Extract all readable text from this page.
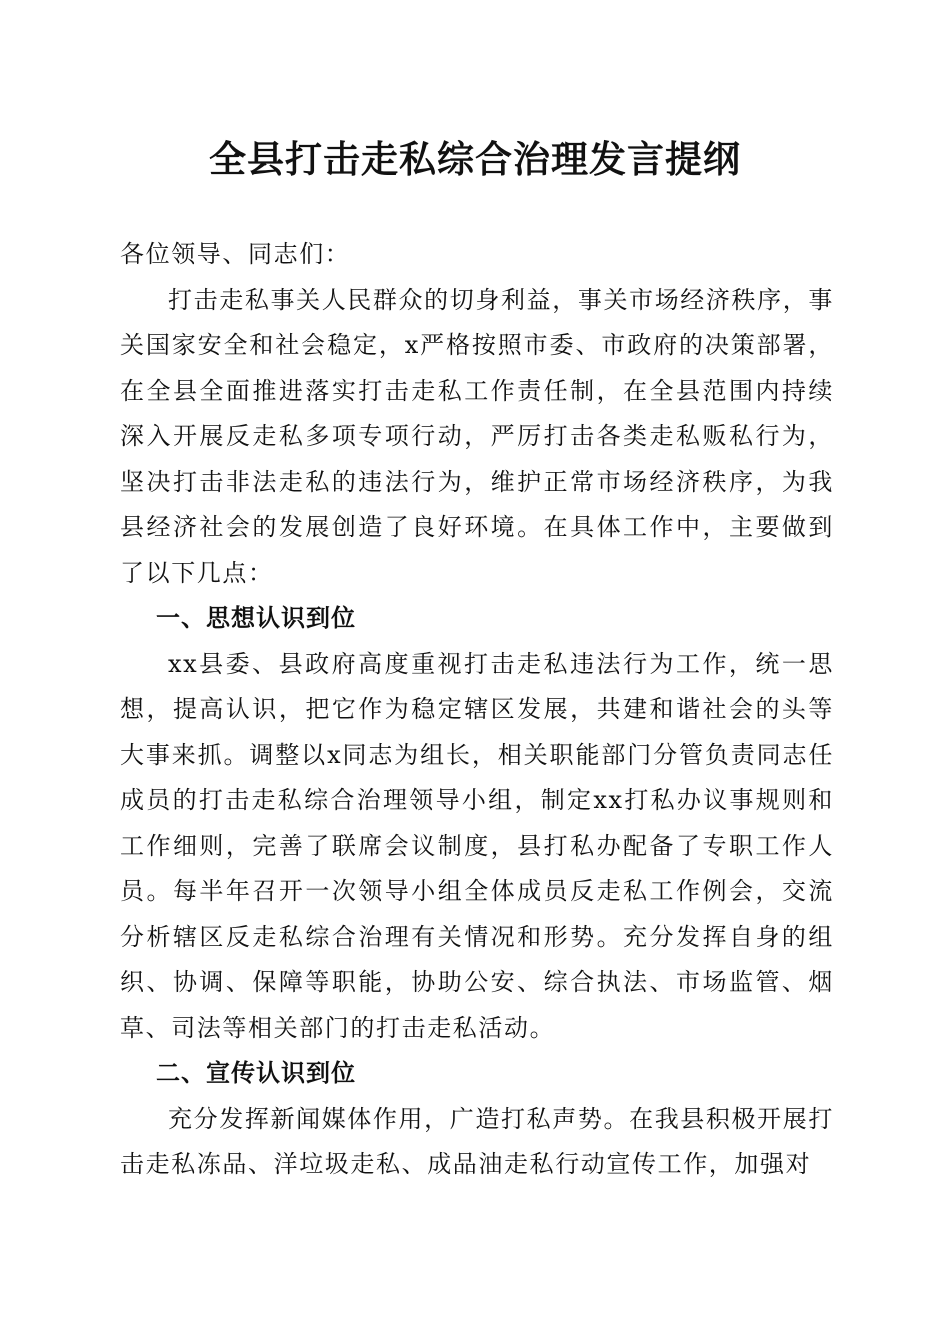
全县打击走私综合治理发言提纲

各位领导、同志们：

打击走私事关人民群众的切身利益，事关市场经济秩序，事关国家安全和社会稳定，x严格按照市委、市政府的决策部署，在全县全面推进落实打击走私工作责任制，在全县范围内持续深入开展反走私多项专项行动，严厉打击各类走私贩私行为，坚决打击非法走私的违法行为，维护正常市场经济秩序，为我县经济社会的发展创造了良好环境。在具体工作中，主要做到了以下几点：

一、思想认识到位

xx县委、县政府高度重视打击走私违法行为工作，统一思想，提高认识，把它作为稳定辖区发展，共建和谐社会的头等大事来抓。调整以x同志为组长，相关职能部门分管负责同志任成员的打击走私综合治理领导小组，制定xx打私办议事规则和工作细则，完善了联席会议制度，县打私办配备了专职工作人员。每半年召开一次领导小组全体成员反走私工作例会，交流分析辖区反走私综合治理有关情况和形势。充分发挥自身的组织、协调、保障等职能，协助公安、综合执法、市场监管、烟草、司法等相关部门的打击走私活动。

二、宣传认识到位

充分发挥新闻媒体作用，广造打私声势。在我县积极开展打击走私冻品、洋垃圾走私、成品油走私行动宣传工作，加强对
